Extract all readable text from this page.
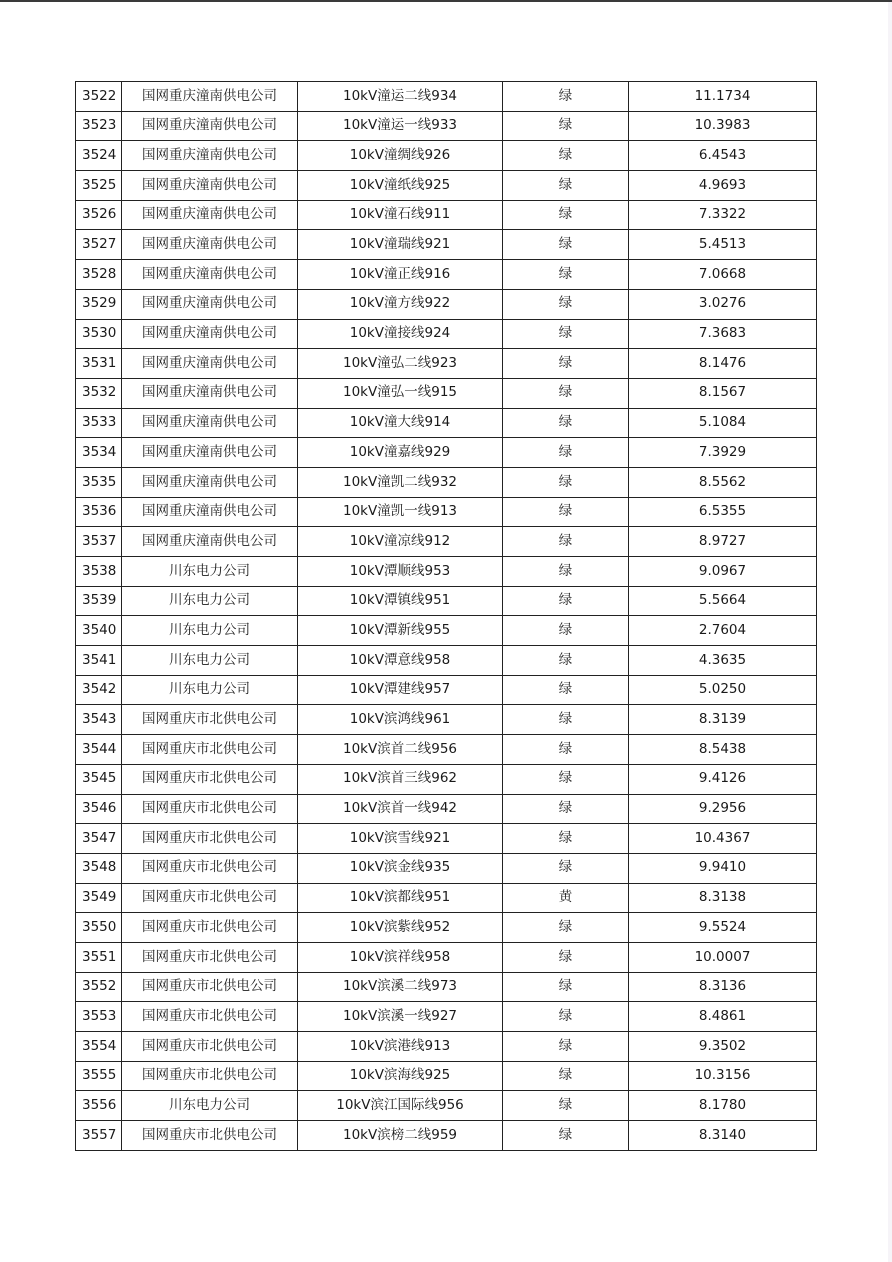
3522	国网重庆潼南供电公司	10kV潼运二线934	绿	11.1734
3523	国网重庆潼南供电公司	10kV潼运一线933	绿	10.3983
3524	国网重庆潼南供电公司	10kV潼绸线926	绿	6.4543
3525	国网重庆潼南供电公司	10kV潼纸线925	绿	4.9693
3526	国网重庆潼南供电公司	10kV潼石线911	绿	7.3322
3527	国网重庆潼南供电公司	10kV潼瑞线921	绿	5.4513
3528	国网重庆潼南供电公司	10kV潼正线916	绿	7.0668
3529	国网重庆潼南供电公司	10kV潼方线922	绿	3.0276
3530	国网重庆潼南供电公司	10kV潼接线924	绿	7.3683
3531	国网重庆潼南供电公司	10kV潼弘二线923	绿	8.1476
3532	国网重庆潼南供电公司	10kV潼弘一线915	绿	8.1567
3533	国网重庆潼南供电公司	10kV潼大线914	绿	5.1084
3534	国网重庆潼南供电公司	10kV潼嘉线929	绿	7.3929
3535	国网重庆潼南供电公司	10kV潼凯二线932	绿	8.5562
3536	国网重庆潼南供电公司	10kV潼凯一线913	绿	6.5355
3537	国网重庆潼南供电公司	10kV潼凉线912	绿	8.9727
3538	川东电力公司	10kV潭顺线953	绿	9.0967
3539	川东电力公司	10kV潭镇线951	绿	5.5664
3540	川东电力公司	10kV潭新线955	绿	2.7604
3541	川东电力公司	10kV潭意线958	绿	4.3635
3542	川东电力公司	10kV潭建线957	绿	5.0250
3543	国网重庆市北供电公司	10kV滨鸿线961	绿	8.3139
3544	国网重庆市北供电公司	10kV滨首二线956	绿	8.5438
3545	国网重庆市北供电公司	10kV滨首三线962	绿	9.4126
3546	国网重庆市北供电公司	10kV滨首一线942	绿	9.2956
3547	国网重庆市北供电公司	10kV滨雪线921	绿	10.4367
3548	国网重庆市北供电公司	10kV滨金线935	绿	9.9410
3549	国网重庆市北供电公司	10kV滨都线951	黄	8.3138
3550	国网重庆市北供电公司	10kV滨紫线952	绿	9.5524
3551	国网重庆市北供电公司	10kV滨祥线958	绿	10.0007
3552	国网重庆市北供电公司	10kV滨溪二线973	绿	8.3136
3553	国网重庆市北供电公司	10kV滨溪一线927	绿	8.4861
3554	国网重庆市北供电公司	10kV滨港线913	绿	9.3502
3555	国网重庆市北供电公司	10kV滨海线925	绿	10.3156
3556	川东电力公司	10kV滨江国际线956	绿	8.1780
3557	国网重庆市北供电公司	10kV滨榜二线959	绿	8.3140
